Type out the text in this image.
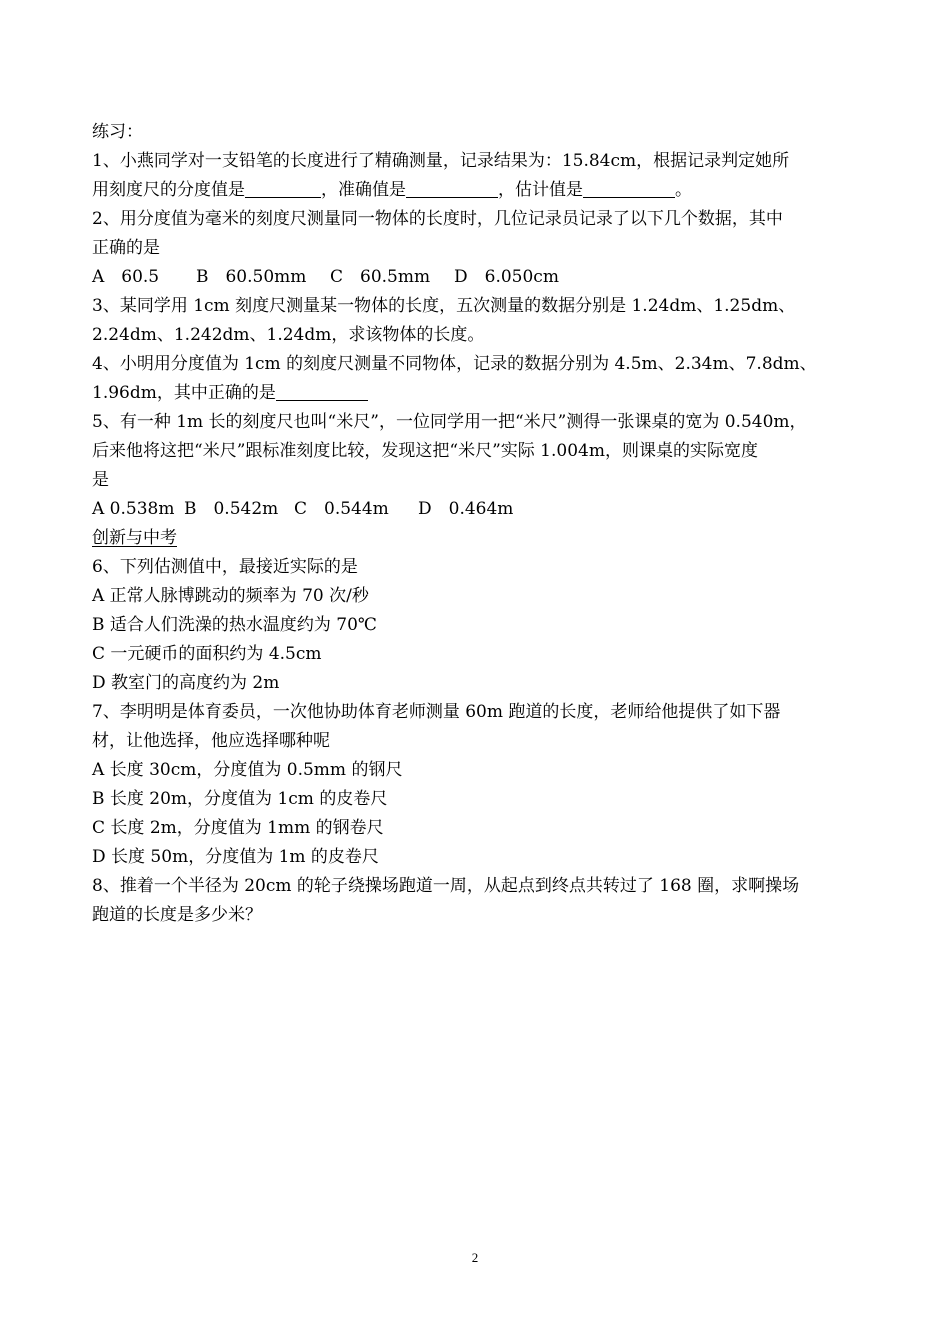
练习：
1、小燕同学对一支铅笔的长度进行了精确测量，记录结果为：15.84cm，根据记录判定她所
用刻度尺的分度值是	，准确值是	，估计值是	。
2、用分度值为毫米的刻度尺测量同一物体的长度时，几位记录员记录了以下几个数据，其中
正确的是
A　60.5 B　60.50mm C　60.5mm D　6.050cm
3、某同学用 1cm 刻度尺测量某一物体的长度，五次测量的数据分别是 1.24dm、1.25dm、
2.24dm、1.242dm、1.24dm，求该物体的长度。
4、小明用分度值为 1cm 的刻度尺测量不同物体，记录的数据分别为 4.5m、2.34m、7.8dm、
1.96dm，其中正确的是
5、有一种 1m 长的刻度尺也叫“米尺”，一位同学用一把“米尺”测得一张课桌的宽为 0.540m，
后来他将这把“米尺”跟标准刻度比较，发现这把“米尺”实际 1.004m，则课桌的实际宽度
是
A 0.538m B　0.542m C　0.544m D　0.464m
创新与中考
6、下列估测值中，最接近实际的是
A 正常人脉博跳动的频率为 70 次/秒
B 适合人们洗澡的热水温度约为 70℃
C 一元硬币的面积约为 4.5cm
D 教室门的高度约为 2m
7、李明明是体育委员，一次他协助体育老师测量 60m 跑道的长度，老师给他提供了如下器
材，让他选择，他应选择哪种呢
A 长度 30cm，分度值为 0.5mm 的钢尺
B 长度 20m，分度值为 1cm 的皮卷尺
C 长度 2m，分度值为 1mm 的钢卷尺
D 长度 50m，分度值为 1m 的皮卷尺
8、推着一个半径为 20cm 的轮子绕操场跑道一周，从起点到终点共转过了 168 圈，求啊操场
跑道的长度是多少米？
2
